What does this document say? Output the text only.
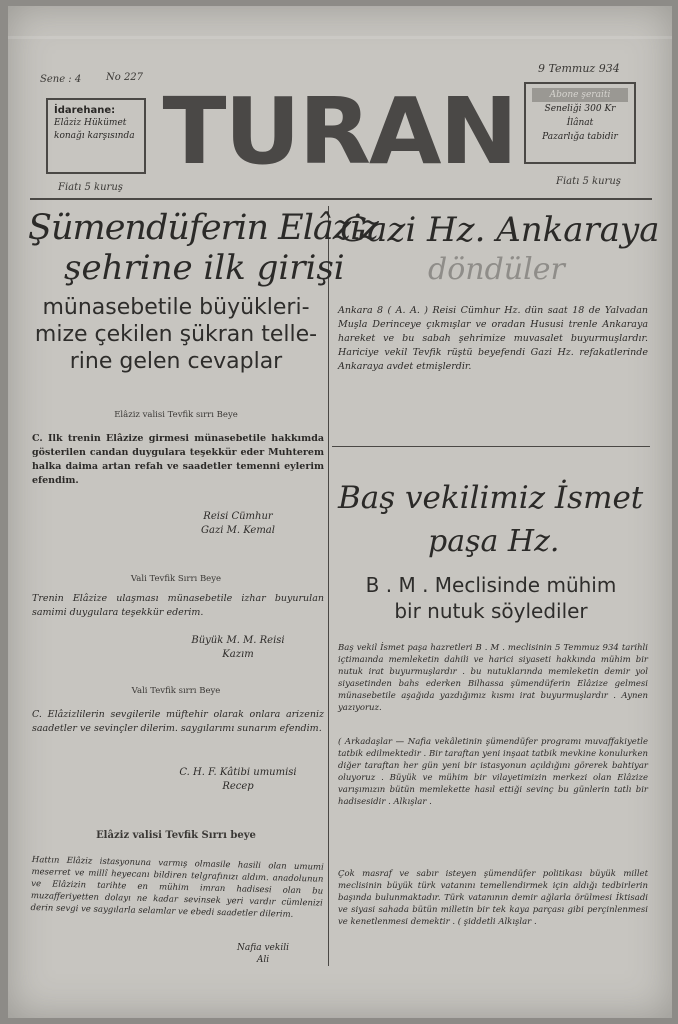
Sene : 4 No 227
9 Temmuz 934
İdarehane:
Elâziz Hükümet
konağı karşısında TURAN	Abone şeraiti
Seneliği 300 Kr
İlânat
Pazarlığa tabidir
Fiatı 5 kuruş
Fiatı 5 kuruş
Şümendüferin Elâziz
şehrine ilk girişi
münasebetile büyükleri-
mize çekilen şükran telle-
rine gelen cevaplar
Elâziz valisi Tevfik sırrı Beye
C. Ilk trenin Elâzize girmesi münasebetile hakkımda gösterilen candan duygulara teşekkür eder Muhterem halka daima artan refah ve saadetler temenni eylerim efendim.
Reisi Cümhur
Gazi M. Kemal
Vali Tevfik Sırrı Beye
Trenin Elâzize ulaşması münasebetile izhar buyurulan samimi duygulara teşekkür ederim.
Büyük M. M. Reisi
Kazım
Vali Tevfik sırrı Beye
C. Elâzizlilerin sevgilerile müftehir olarak onlara arizeniz saadetler ve sevinçler dilerim. saygılarımı sunarım efendim.
C. H. F. Kâtibi umumisi
Recep
Elâziz valisi Tevfik Sırrı beye
Hattın Elâziz istasyonuna varmış olmasile hasili olan umumi meserret ve millî heyecanı bildiren telgrafınızı aldım. anadolunun ve Elâzizin tarihte en mühim imran hadisesi olan bu muzafferiyetten dolayı ne kadar sevinsek yeri vardır cümlenizi derin sevgi ve saygılarla selamlar ve ebedi saadetler dilerim.
Nafia vekili
Ali
Gazi Hz. Ankaraya
döndüler
Ankara 8 ( A. A. ) Reisi Cümhur Hz. dün saat 18 de Yalvadan Muşla Derinceye çıkmışlar ve oradan Hususi trenle Ankaraya hareket ve bu sabah şehrimize muvasalet buyurmuşlardır. Hariciye vekil Tevfik rüştü beyefendi Gazi Hz. refakatlerinde Ankaraya avdet etmişlerdir.
Baş vekilimiz İsmet
paşa Hz.
B . M . Meclisinde mühim
bir nutuk söylediler
Baş vekil İsmet paşa hazretleri B . M . meclisinin 5 Temmuz 934 tarihli içtimaında memleketin dahili ve harici siyaseti hakkında mühim bir nutuk irat buyurmuşlardır . bu nutuklarında memleketin demir yol siyasetinden bahs ederken Bilhassa şümendüferin Elâzize gelmesi münasebetile aşağıda yazdığımız kısmı irat buyurmuşlardır . Aynen yazıyoruz.
( Arkadaşlar — Nafia vekâletinin şümendüfer programı muvaffakiyetle tatbik edilmektedir . Bir taraftan yeni inşaat tatbik mevkine konulurken diğer taraftan her gün yeni bir istasyonun açıldığını görerek bahtiyar oluyoruz . Büyük ve mühim bir vilayetimizin merkezi olan Elâzize varışımızın bütün memlekette hasıl ettiği sevinç bu günlerin tatlı bir hadisesidir . Alkışlar .
Çok masraf ve sabır isteyen şümendüfer politikası büyük millet meclisinin büyük türk vatanını temellendirmek için aldığı tedbirlerin başında bulunmaktadır. Türk vatanının demir ağlarla örülmesi İktisadi ve siyasi sahada bütün milletin bir tek kaya parçası gibi perçinlenmesi ve kenetlenmesi demektir . ( şiddetli Alkışlar .
